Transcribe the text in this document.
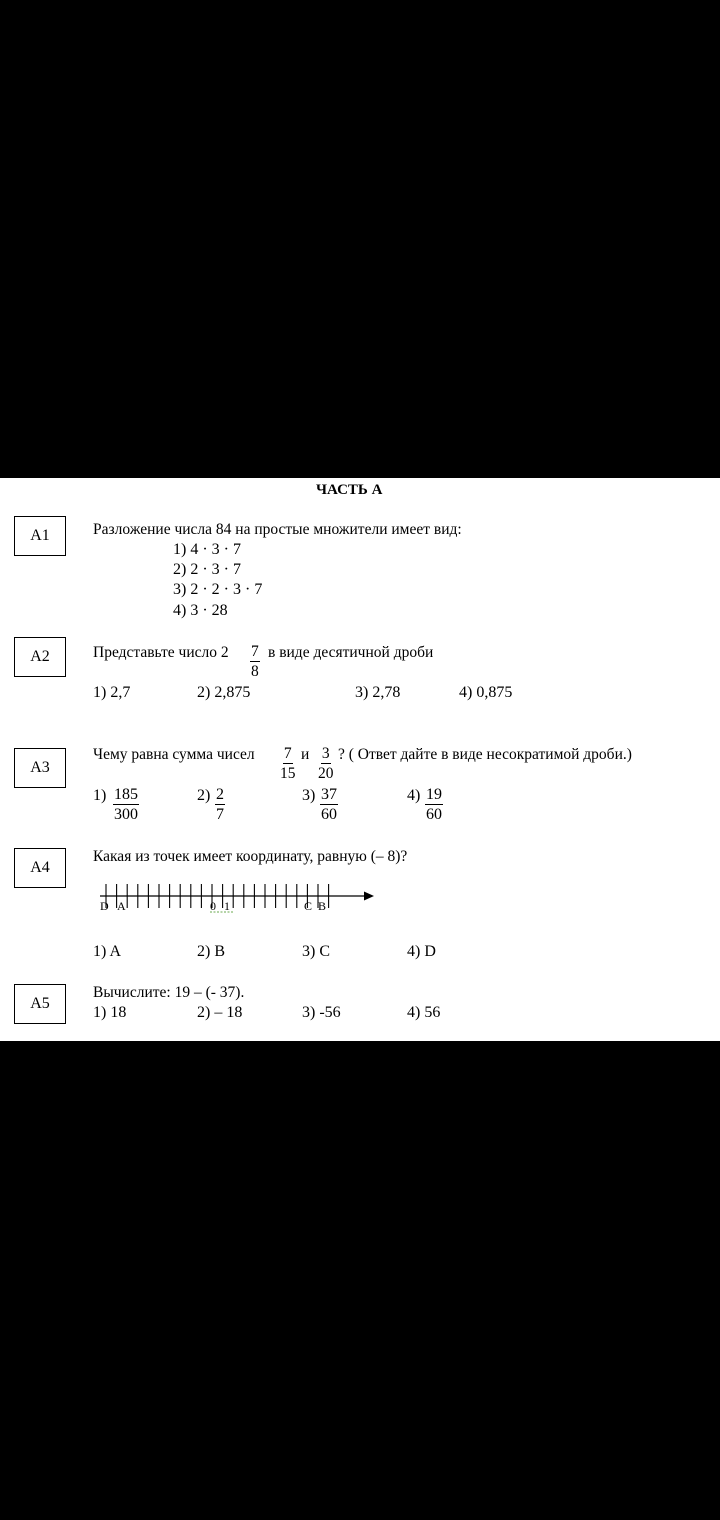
ЧАСТЬ А
А1	Разложение числа 84 на простые множители имеет вид:
1) 4 · 3 · 7
2) 2 · 3 · 7
3) 2 · 2 · 3 · 7
4) 3 · 28
А2	Представьте число $2 \frac{7}{8}$ в виде десятичной дроби
1) 2,7	2) 2,875	3) 2,78	4) 0,875
А3
Чему равна сумма чисел $\frac{7}{15}$ и $\frac{3}{20}$ ? ( Ответ дайте в виде несократимой дроби.)
$1) \frac{185}{300}$	$2) \frac{2}{7}$	$3) \frac{37}{60}$	$4) \frac{19}{60}$
А4
Какая из точек имеет координату, равную (– 8)?
D A	0 1	C B
1) A	2) B	3) C	4) D
А5
Вычислите: 19 – (- 37).
1) 18	2) – 18	3) -56	4) 56
